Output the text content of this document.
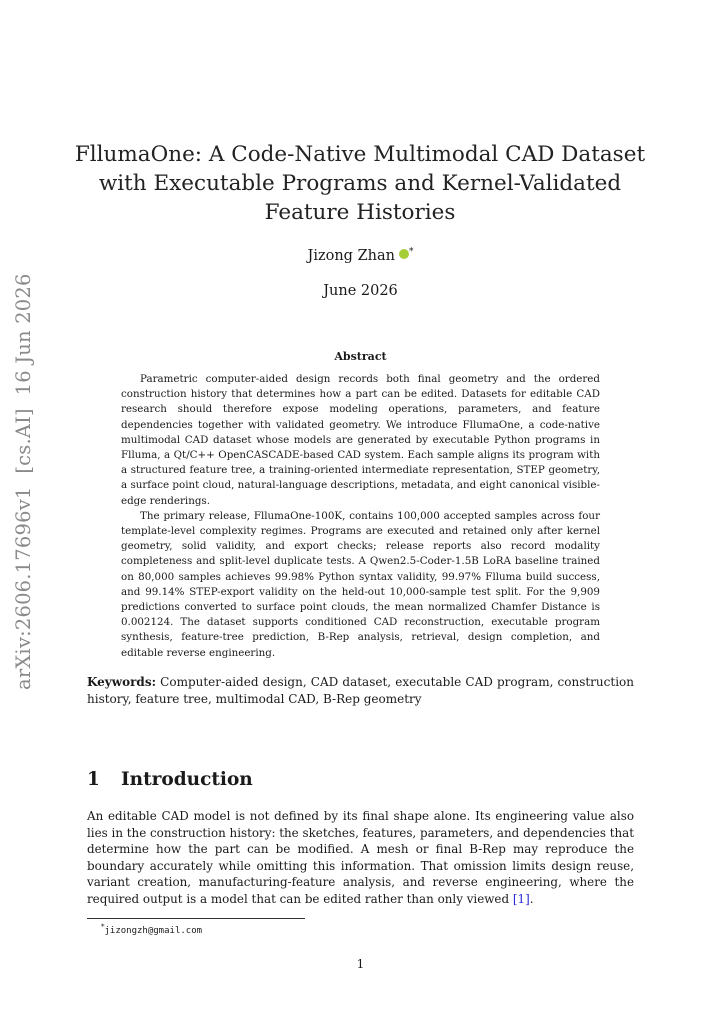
arXiv:2606.17696v1  [cs.AI]  16 Jun 2026
FllumaOne: A Code-Native Multimodal CAD Dataset
with Executable Programs and Kernel-Validated
Feature Histories
Jizong Zhan *
June 2026
Abstract

Parametric computer-aided design records both final geometry and the ordered construction history that determines how a part can be edited. Datasets for editable CAD research should therefore expose modeling operations, parameters, and feature dependencies together with validated geometry. We introduce FllumaOne, a code-native multimodal CAD dataset whose models are generated by executable Python programs in Flluma, a Qt/C++ OpenCASCADE-based CAD system. Each sample aligns its program with a structured feature tree, a training-oriented intermediate representation, STEP geometry, a surface point cloud, natural-language descriptions, metadata, and eight canonical visible-edge renderings.

The primary release, FllumaOne-100K, contains 100,000 accepted samples across four template-level complexity regimes. Programs are executed and retained only after kernel geometry, solid validity, and export checks; release reports also record modality completeness and split-level duplicate tests. A Qwen2.5-Coder-1.5B LoRA baseline trained on 80,000 samples achieves 99.98% Python syntax validity, 99.97% Flluma build success, and 99.14% STEP-export validity on the held-out 10,000-sample test split. For the 9,909 predictions converted to surface point clouds, the mean normalized Chamfer Distance is 0.002124. The dataset supports conditioned CAD reconstruction, executable program synthesis, feature-tree prediction, B-Rep analysis, retrieval, design completion, and editable reverse engineering.

Keywords: Computer-aided design, CAD dataset, executable CAD program, construction history, feature tree, multimodal CAD, B-Rep geometry
1 Introduction
An editable CAD model is not defined by its final shape alone. Its engineering value also lies in the construction history: the sketches, features, parameters, and dependencies that determine how the part can be modified. A mesh or final B-Rep may reproduce the boundary accurately while omitting this information. That omission limits design reuse, variant creation, manufacturing-feature analysis, and reverse engineering, where the required output is a model that can be edited rather than only viewed [1].
*jizongzh@gmail.com
1
